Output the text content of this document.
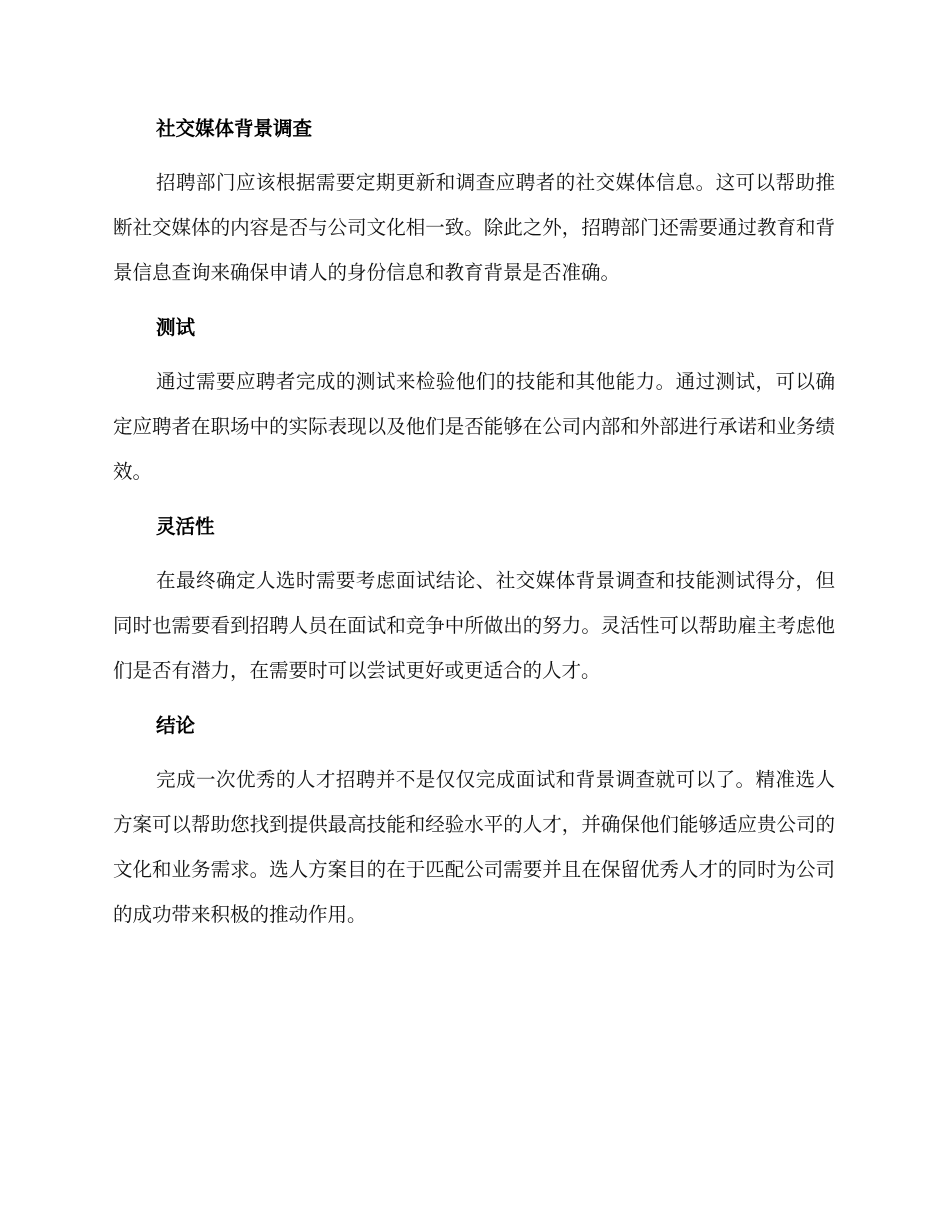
社交媒体背景调查

招聘部门应该根据需要定期更新和调查应聘者的社交媒体信息。这可以帮助推断社交媒体的内容是否与公司文化相一致。除此之外，招聘部门还需要通过教育和背景信息查询来确保申请人的身份信息和教育背景是否准确。

测试

通过需要应聘者完成的测试来检验他们的技能和其他能力。通过测试，可以确定应聘者在职场中的实际表现以及他们是否能够在公司内部和外部进行承诺和业务绩效。

灵活性

在最终确定人选时需要考虑面试结论、社交媒体背景调查和技能测试得分，但同时也需要看到招聘人员在面试和竞争中所做出的努力。灵活性可以帮助雇主考虑他们是否有潜力，在需要时可以尝试更好或更适合的人才。

结论

完成一次优秀的人才招聘并不是仅仅完成面试和背景调查就可以了。精准选人方案可以帮助您找到提供最高技能和经验水平的人才，并确保他们能够适应贵公司的文化和业务需求。选人方案目的在于匹配公司需要并且在保留优秀人才的同时为公司的成功带来积极的推动作用。
